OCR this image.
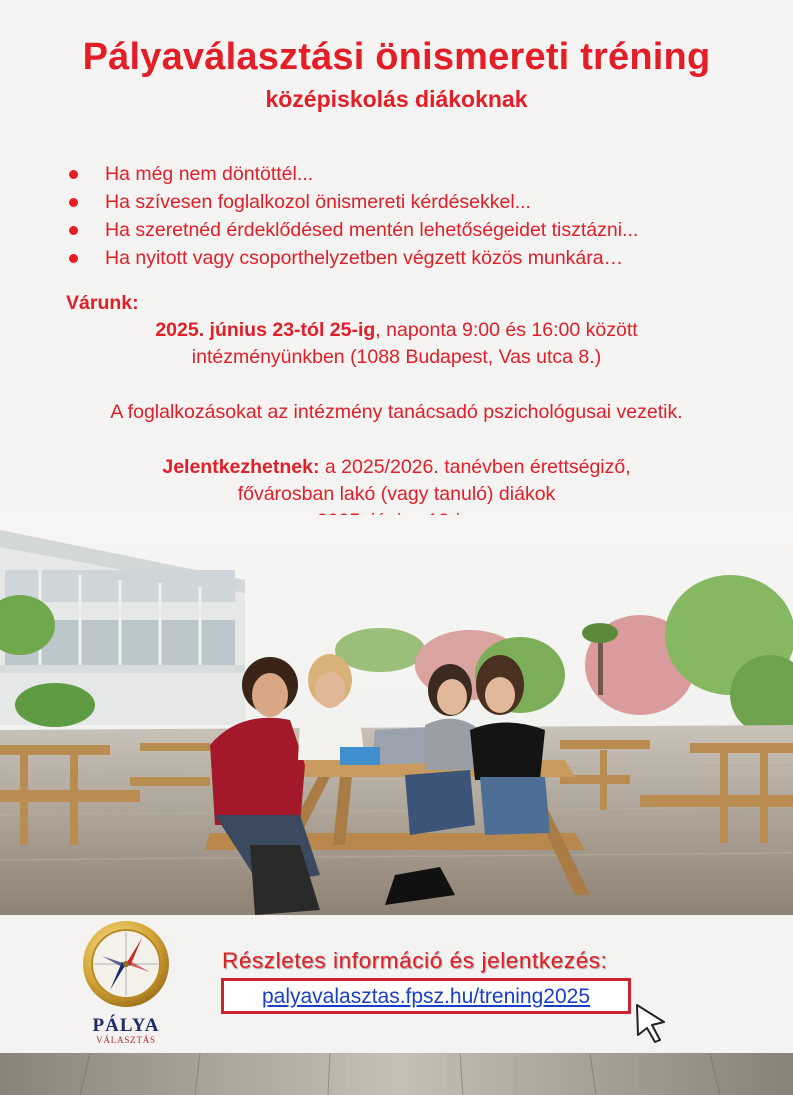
Pályaválasztási önismereti tréning
középiskolás diákoknak
Ha még nem döntöttél...
Ha szívesen foglalkozol önismereti kérdésekkel...
Ha szeretnéd érdeklődésed mentén lehetőségeidet tisztázni...
Ha nyitott vagy csoporthelyzetben végzett közös munkára…
Várunk:
2025. június 23-tól 25-ig, naponta 9:00 és 16:00 között
intézményünkben (1088 Budapest, Vas utca 8.)
A foglalkozásokat az intézmény tanácsadó pszichológusai vezetik.
Jelentkezhetnek: a 2025/2026. tanévben érettségiző,
fővárosban lakó (vagy tanuló) diákok
PÁLYA
VÁLASZTÁS
Részletes információ és jelentkezés:
palyavalasztas.fpsz.hu/trening2025
